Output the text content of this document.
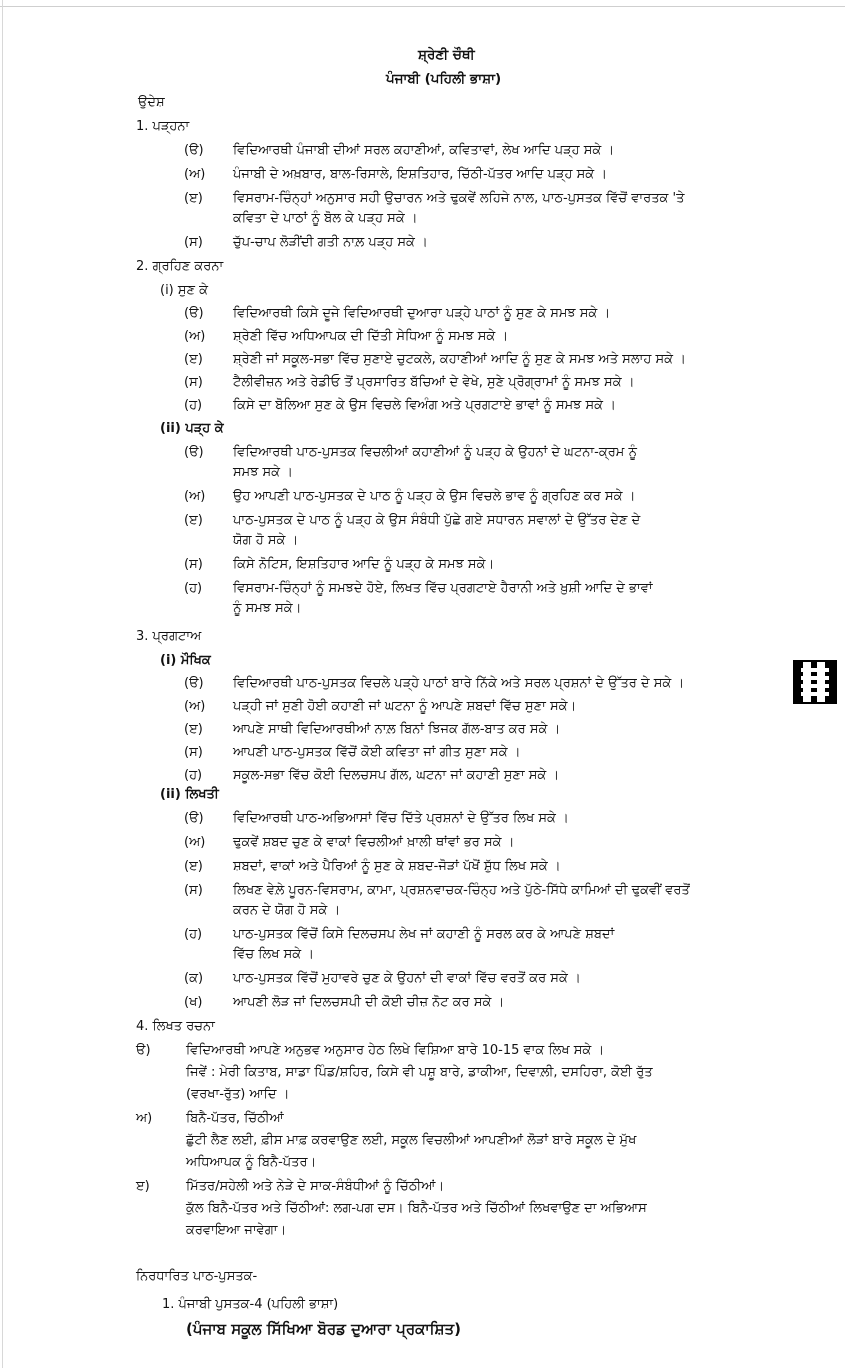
ਸ਼੍ਰੇਣੀ ਚੌਥੀ
ਪੰਜਾਬੀ (ਪਹਿਲੀ ਭਾਸ਼ਾ)
ਉਦੇਸ਼
1. ਪੜ੍ਹਨਾ
(ੳ) ਵਿਦਿਆਰਥੀ ਪੰਜਾਬੀ ਦੀਆਂ ਸਰਲ ਕਹਾਣੀਆਂ, ਕਵਿਤਾਵਾਂ, ਲੇਖ ਆਦਿ ਪੜ੍ਹ ਸਕੇ ।
(ਅ) ਪੰਜਾਬੀ ਦੇ ਅਖ਼ਬਾਰ, ਬਾਲ-ਰਿਸਾਲੇ, ਇਸ਼ਤਿਹਾਰ, ਚਿੱਠੀ-ਪੱਤਰ ਆਦਿ ਪੜ੍ਹ ਸਕੇ ।
(ੲ) ਵਿਸਰਾਮ-ਚਿੰਨ੍ਹਾਂ ਅਨੁਸਾਰ ਸਹੀ ਉਚਾਰਨ ਅਤੇ ਢੁਕਵੇਂ ਲਹਿਜੇ ਨਾਲ, ਪਾਠ-ਪੁਸਤਕ ਵਿੱਚੋਂ ਵਾਰਤਕ 'ਤੇ
ਕਵਿਤਾ ਦੇ ਪਾਠਾਂ ਨੂੰ ਬੋਲ ਕੇ ਪੜ੍ਹ ਸਕੇ ।
(ਸ) ਚੁੱਪ-ਚਾਪ ਲੋੜੀਂਦੀ ਗਤੀ ਨਾਲ਼ ਪੜ੍ਹ ਸਕੇ ।
2. ਗ੍ਰਹਿਣ ਕਰਨਾ
(i) ਸੁਣ ਕੇ
(ੳ) ਵਿਦਿਆਰਥੀ ਕਿਸੇ ਦੂਜੇ ਵਿਦਿਆਰਥੀ ਦੁਆਰਾ ਪੜ੍ਹੇ ਪਾਠਾਂ ਨੂੰ ਸੁਣ ਕੇ ਸਮਝ ਸਕੇ ।
(ਅ) ਸ਼੍ਰੇਣੀ ਵਿੱਚ ਅਧਿਆਪਕ ਦੀ ਦਿੱਤੀ ਸੇਧਿਆ ਨੂੰ ਸਮਝ ਸਕੇ ।
(ੲ) ਸ਼੍ਰੇਣੀ ਜਾਂ ਸਕੂਲ-ਸਭਾ ਵਿੱਚ ਸੁਣਾਏ ਚੁਟਕਲੇ, ਕਹਾਣੀਆਂ ਆਦਿ ਨੂੰ ਸੁਣ ਕੇ ਸਮਝ ਅਤੇ ਸਲਾਹ ਸਕੇ ।
(ਸ) ਟੈਲੀਵੀਜ਼ਨ ਅਤੇ ਰੇਡੀਓ ਤੋਂ ਪ੍ਰਸਾਰਿਤ ਬੱਚਿਆਂ ਦੇ ਵੇਖੇ, ਸੁਣੇ ਪ੍ਰੋਗ੍ਰਾਮਾਂ ਨੂੰ ਸਮਝ ਸਕੇ ।
(ਹ) ਕਿਸੇ ਦਾ ਬੋਲਿਆ ਸੁਣ ਕੇ ਉਸ ਵਿਚਲੇ ਵਿਅੰਗ ਅਤੇ ਪ੍ਰਗਟਾਏ ਭਾਵਾਂ ਨੂੰ ਸਮਝ ਸਕੇ ।
(ii) ਪੜ੍ਹ ਕੇ
(ੳ) ਵਿਦਿਆਰਥੀ ਪਾਠ-ਪੁਸਤਕ ਵਿਚਲੀਆਂ ਕਹਾਣੀਆਂ ਨੂੰ ਪੜ੍ਹ ਕੇ ਉਹਨਾਂ ਦੇ ਘਟਨਾ-ਕ੍ਰਮ ਨੂੰ
ਸਮਝ ਸਕੇ ।
(ਅ) ਉਹ ਆਪਣੀ ਪਾਠ-ਪੁਸਤਕ ਦੇ ਪਾਠ ਨੂੰ ਪੜ੍ਹ ਕੇ ਉਸ ਵਿਚਲੇ ਭਾਵ ਨੂੰ ਗ੍ਰਹਿਣ ਕਰ ਸਕੇ ।
(ੲ) ਪਾਠ-ਪੁਸਤਕ ਦੇ ਪਾਠ ਨੂੰ ਪੜ੍ਹ ਕੇ ਉਸ ਸੰਬੰਧੀ ਪੁੱਛੇ ਗਏ ਸਧਾਰਨ ਸਵਾਲਾਂ ਦੇ ਉੱਤਰ ਦੇਣ ਦੇ
ਯੋਗ ਹੋ ਸਕੇ ।
(ਸ) ਕਿਸੇ ਨੋਟਿਸ, ਇਸ਼ਤਿਹਾਰ ਆਦਿ ਨੂੰ ਪੜ੍ਹ ਕੇ ਸਮਝ ਸਕੇ।
(ਹ) ਵਿਸਰਾਮ-ਚਿੰਨ੍ਹਾਂ ਨੂੰ ਸਮਝਦੇ ਹੋਏ, ਲਿਖਤ ਵਿੱਚ ਪ੍ਰਗਟਾਏ ਹੈਰਾਨੀ ਅਤੇ ਖ਼ੁਸ਼ੀ ਆਦਿ ਦੇ ਭਾਵਾਂ
ਨੂੰ ਸਮਝ ਸਕੇ।
3. ਪ੍ਰਗਟਾਅ
(i) ਮੌਖਿਕ
(ੳ) ਵਿਦਿਆਰਥੀ ਪਾਠ-ਪੁਸਤਕ ਵਿਚਲੇ ਪੜ੍ਹੇ ਪਾਠਾਂ ਬਾਰੇ ਨਿੱਕੇ ਅਤੇ ਸਰਲ ਪ੍ਰਸ਼ਨਾਂ ਦੇ ਉੱਤਰ ਦੇ ਸਕੇ ।
(ਅ) ਪੜ੍ਹੀ ਜਾਂ ਸੁਣੀ ਹੋਈ ਕਹਾਣੀ ਜਾਂ ਘਟਨਾ ਨੂੰ ਆਪਣੇ ਸ਼ਬਦਾਂ ਵਿੱਚ ਸੁਣਾ ਸਕੇ।
(ੲ) ਆਪਣੇ ਸਾਥੀ ਵਿਦਿਆਰਥੀਆਂ ਨਾਲ਼ ਬਿਨਾਂ ਝਿਜਕ ਗੱਲ-ਬਾਤ ਕਰ ਸਕੇ ।
(ਸ) ਆਪਣੀ ਪਾਠ-ਪੁਸਤਕ ਵਿੱਚੋਂ ਕੋਈ ਕਵਿਤਾ ਜਾਂ ਗੀਤ ਸੁਣਾ ਸਕੇ ।
(ਹ) ਸਕੂਲ-ਸਭਾ ਵਿੱਚ ਕੋਈ ਦਿਲਚਸਪ ਗੱਲ, ਘਟਨਾ ਜਾਂ ਕਹਾਣੀ ਸੁਣਾ ਸਕੇ ।
(ii) ਲਿਖਤੀ
(ੳ) ਵਿਦਿਆਰਥੀ ਪਾਠ-ਅਭਿਆਸਾਂ ਵਿੱਚ ਦਿੱਤੇ ਪ੍ਰਸ਼ਨਾਂ ਦੇ ਉੱਤਰ ਲਿਖ ਸਕੇ ।
(ਅ) ਢੁਕਵੇਂ ਸ਼ਬਦ ਚੁਣ ਕੇ ਵਾਕਾਂ ਵਿਚਲੀਆਂ ਖ਼ਾਲੀ ਥਾਂਵਾਂ ਭਰ ਸਕੇ ।
(ੲ) ਸ਼ਬਦਾਂ, ਵਾਕਾਂ ਅਤੇ ਪੈਰਿਆਂ ਨੂੰ ਸੁਣ ਕੇ ਸ਼ਬਦ-ਜੋੜਾਂ ਪੱਖੋਂ ਸ਼ੁੱਧ ਲਿਖ ਸਕੇ ।
(ਸ) ਲਿਖਣ ਵੇਲ਼ੇ ਪੂਰਨ-ਵਿਸਰਾਮ, ਕਾਮਾ, ਪ੍ਰਸ਼ਨਵਾਚਕ-ਚਿੰਨ੍ਹ ਅਤੇ ਪੁੱਠੇ-ਸਿੱਧੇ ਕਾਮਿਆਂ ਦੀ ਢੁਕਵੀਂ ਵਰਤੋਂ
ਕਰਨ ਦੇ ਯੋਗ ਹੋ ਸਕੇ ।
(ਹ) ਪਾਠ-ਪੁਸਤਕ ਵਿੱਚੋਂ ਕਿਸੇ ਦਿਲਚਸਪ ਲੇਖ ਜਾਂ ਕਹਾਣੀ ਨੂੰ ਸਰਲ ਕਰ ਕੇ ਆਪਣੇ ਸ਼ਬਦਾਂ
ਵਿੱਚ ਲਿਖ ਸਕੇ ।
(ਕ) ਪਾਠ-ਪੁਸਤਕ ਵਿੱਚੋਂ ਮੁਹਾਵਰੇ ਚੁਣ ਕੇ ਉਹਨਾਂ ਦੀ ਵਾਕਾਂ ਵਿੱਚ ਵਰਤੋਂ ਕਰ ਸਕੇ ।
(ਖ) ਆਪਣੀ ਲੋੜ ਜਾਂ ਦਿਲਚਸਪੀ ਦੀ ਕੋਈ ਚੀਜ਼ ਨੋਟ ਕਰ ਸਕੇ ।
4. ਲਿਖਤ ਰਚਨਾ
ੳ)	ਵਿਦਿਆਰਥੀ ਆਪਣੇ ਅਨੁਭਵ ਅਨੁਸਾਰ ਹੇਠ ਲਿਖੇ ਵਿਸ਼ਿਆ ਬਾਰੇ 10-15 ਵਾਕ ਲਿਖ ਸਕੇ ।
ਜਿਵੇਂ : ਮੇਰੀ ਕਿਤਾਬ, ਸਾਡਾ ਪਿੰਡ/ਸ਼ਹਿਰ, ਕਿਸੇ ਵੀ ਪਸ਼ੂ ਬਾਰੇ, ਡਾਕੀਆ, ਦਿਵਾਲ਼ੀ, ਦਸਹਿਰਾ, ਕੋਈ ਰੁੱਤ
(ਵਰਖਾ-ਰੁੱਤ) ਆਦਿ ।
ਅ)	ਬਿਨੈ-ਪੱਤਰ, ਚਿੱਠੀਆਂ
ਛੁੱਟੀ ਲੈਣ ਲਈ, ਫ਼ੀਸ ਮਾਫ਼ ਕਰਵਾਉਣ ਲਈ, ਸਕੂਲ ਵਿਚਲੀਆਂ ਆਪਣੀਆਂ ਲੋੜਾਂ ਬਾਰੇ ਸਕੂਲ ਦੇ ਮੁੱਖ
ਅਧਿਆਪਕ ਨੂੰ ਬਿਨੈ-ਪੱਤਰ।
ੲ)	ਮਿੱਤਰ/ਸਹੇਲੀ ਅਤੇ ਨੇੜੇ ਦੇ ਸਾਕ-ਸੰਬੰਧੀਆਂ ਨੂੰ ਚਿੱਠੀਆਂ।
ਕੁੱਲ ਬਿਨੈ-ਪੱਤਰ ਅਤੇ ਚਿੱਠੀਆਂ: ਲਗ-ਪਗ ਦਸ। ਬਿਨੈ-ਪੱਤਰ ਅਤੇ ਚਿੱਠੀਆਂ ਲਿਖਵਾਉਣ ਦਾ ਅਭਿਆਸ
ਕਰਵਾਇਆ ਜਾਵੇਗਾ।
ਨਿਰਧਾਰਿਤ ਪਾਠ-ਪੁਸਤਕ-
1. ਪੰਜਾਬੀ ਪੁਸਤਕ-4 (ਪਹਿਲੀ ਭਾਸ਼ਾ)
(ਪੰਜਾਬ ਸਕੂਲ ਸਿੱਖਿਆ ਬੋਰਡ ਦੁਆਰਾ ਪ੍ਰਕਾਸ਼ਿਤ)
